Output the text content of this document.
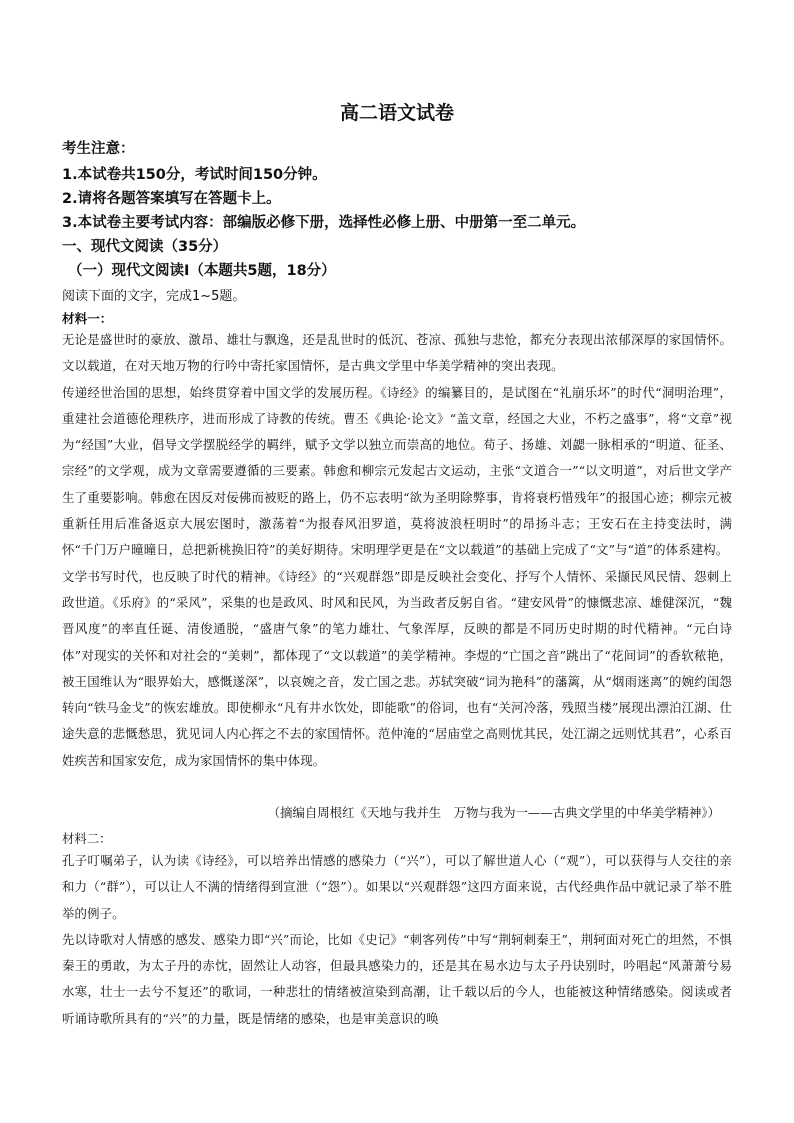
高二语文试卷
考生注意：
1.本试卷共150分，考试时间150分钟。
2.请将各题答案填写在答题卡上。
3.本试卷主要考试内容：部编版必修下册，选择性必修上册、中册第一至二单元。
一、现代文阅读（35分）
（一）现代文阅读Ⅰ（本题共5题，18分）
阅读下面的文字，完成1~5题。
材料一：

无论是盛世时的豪放、激昂、雄壮与飘逸，还是乱世时的低沉、苍凉、孤独与悲怆，都充分表现出浓郁深厚的家国情怀。文以载道，在对天地万物的行吟中寄托家国情怀，是古典文学里中华美学精神的突出表现。

传递经世治国的思想，始终贯穿着中国文学的发展历程。《诗经》的编纂目的，是试图在“礼崩乐坏”的时代“洞明治理”，重建社会道德伦理秩序，进而形成了诗教的传统。曹丕《典论·论文》“盖文章，经国之大业，不朽之盛事”，将“文章”视为“经国”大业，倡导文学摆脱经学的羁绊，赋予文学以独立而崇高的地位。荀子、扬雄、刘勰一脉相承的“明道、征圣、宗经”的文学观，成为文章需要遵循的三要素。韩愈和柳宗元发起古文运动，主张“文道合一”“以文明道”，对后世文学产生了重要影响。韩愈在因反对佞佛而被贬的路上，仍不忘表明“欲为圣明除弊事，肯将衰朽惜残年”的报国心迹；柳宗元被重新任用后准备返京大展宏图时，激荡着“为报春风汨罗道，莫将波浪枉明时”的昂扬斗志；王安石在主持变法时，满怀“千门万户曈曈日，总把新桃换旧符”的美好期待。宋明理学更是在“文以载道”的基础上完成了“文”与“道”的体系建构。

文学书写时代，也反映了时代的精神。《诗经》的“兴观群怨”即是反映社会变化、抒写个人情怀、采撷民风民情、怨刺上政世道。《乐府》的“采风”，采集的也是政风、时风和民风，为当政者反躬自省。“建安风骨”的慷慨悲凉、雄健深沉，“魏晋风度”的率直任诞、清俊通脱，“盛唐气象”的笔力雄壮、气象浑厚，反映的都是不同历史时期的时代精神。“元白诗体”对现实的关怀和对社会的“美刺”，都体现了“文以载道”的美学精神。李煜的“亡国之音”跳出了“花间词”的香软秾艳，被王国维认为“眼界始大，感慨遂深”，以哀婉之音，发亡国之悲。苏轼突破“词为艳科”的藩篱，从“烟雨迷离”的婉约闺怨转向“铁马金戈”的恢宏雄放。即使柳永“凡有井水饮处，即能歌”的俗词，也有“关河冷落，残照当楼”展现出漂泊江湖、仕途失意的悲慨愁思，犹见词人内心挥之不去的家国情怀。范仲淹的“居庙堂之高则忧其民，处江湖之远则忧其君”，心系百姓疾苦和国家安危，成为家国情怀的集中体现。

（摘编自周根红《天地与我并生　万物与我为一——古典文学里的中华美学精神》）
材料二：

孔子叮嘱弟子，认为读《诗经》，可以培养出情感的感染力（“兴”），可以了解世道人心（“观”），可以获得与人交往的亲和力（“群”），可以让人不满的情绪得到宣泄（“怨”）。如果以“兴观群怨”这四方面来说，古代经典作品中就记录了举不胜举的例子。

先以诗歌对人情感的感发、感染力即“兴”而论，比如《史记》“刺客列传”中写“荆轲刺秦王”，荆轲面对死亡的坦然，不惧秦王的勇敢，为太子丹的赤忱，固然让人动容，但最具感染力的，还是其在易水边与太子丹诀别时，吟唱起“风萧萧兮易水寒，壮士一去兮不复还”的歌词，一种悲壮的情绪被渲染到高潮，让千载以后的今人，也能被这种情绪感染。阅读或者听诵诗歌所具有的“兴”的力量，既是情绪的感染，也是审美意识的唤
